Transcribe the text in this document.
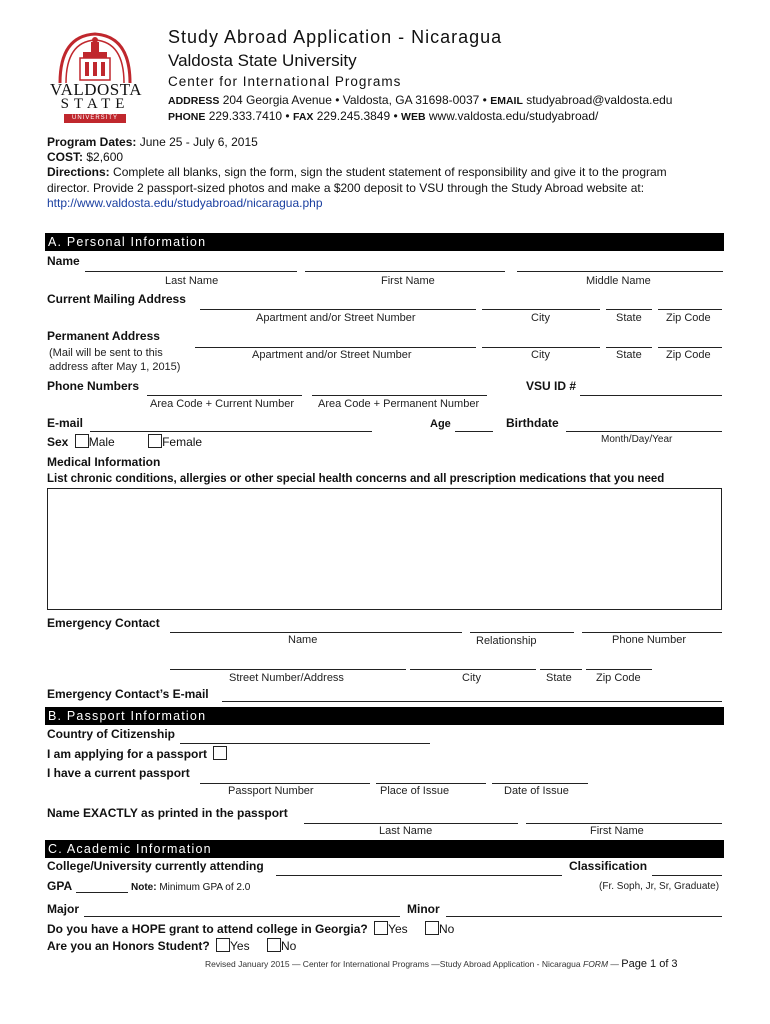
VALDOSTA
STATE
UNIVERSITY
Study Abroad Application - Nicaragua
Valdosta State University
Center for International Programs
ADDRESS 204 Georgia Avenue • Valdosta, GA 31698-0037 • EMAIL studyabroad@valdosta.edu
PHONE 229.333.7410 • FAX 229.245.3849 • WEB www.valdosta.edu/studyabroad/
Program Dates: June 25 - July 6, 2015
COST: $2,600
Directions: Complete all blanks, sign the form, sign the student statement of responsibility and give it to the program
director. Provide 2 passport-sized photos and make a $200 deposit to VSU through the Study Abroad website at:
http://www.valdosta.edu/studyabroad/nicaragua.php
A. Personal Information
Name
Last Name	First Name	Middle Name
Current Mailing Address
Apartment and/or Street Number	City	State Zip Code
Permanent Address
(Mail will be sent to this
address after May 1, 2015)
Apartment and/or Street Number	City	State Zip Code
Phone Numbers	VSU ID #
Area Code + Current Number Area Code + Permanent Number
E-mail	Age	Birthdate
Month/Day/Year
Sex Male	Female
Medical Information
List chronic conditions, allergies or other special health concerns and all prescription medications that you need
Emergency Contact
Name	Relationship	Phone Number
Street Number/Address	City	State Zip Code
Emergency Contact’s E-mail
B. Passport Information
Country of Citizenship
I am applying for a passport
I have a current passport
Passport Number	Place of Issue	Date of Issue
Name EXACTLY as printed in the passport
Last Name	First Name
C. Academic Information
College/University currently attending	Classification
GPA	Note: Minimum GPA of 2.0	(Fr. Soph, Jr, Sr, Graduate)
Major	Minor
Do you have a HOPE grant to attend college in Georgia? Yes	No
Are you an Honors Student? Yes	No
Revised January 2015 — Center for International Programs —Study Abroad Application - Nicaragua FORM — Page 1 of 3
